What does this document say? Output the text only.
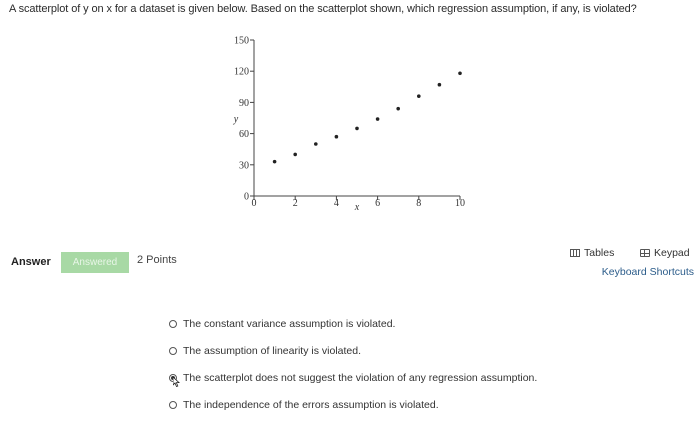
A scatterplot of y on x for a dataset is given below. Based on the scatterplot shown, which regression assumption, if any, is violated?
0
30
60
90
120
150
0	2	4	6	8	10
y
x
Answer	Answered	2 Points
Tables	Keypad
Keyboard Shortcuts
The constant variance assumption is violated.
The assumption of linearity is violated.
The scatterplot does not suggest the violation of any regression assumption.
The independence of the errors assumption is violated.
